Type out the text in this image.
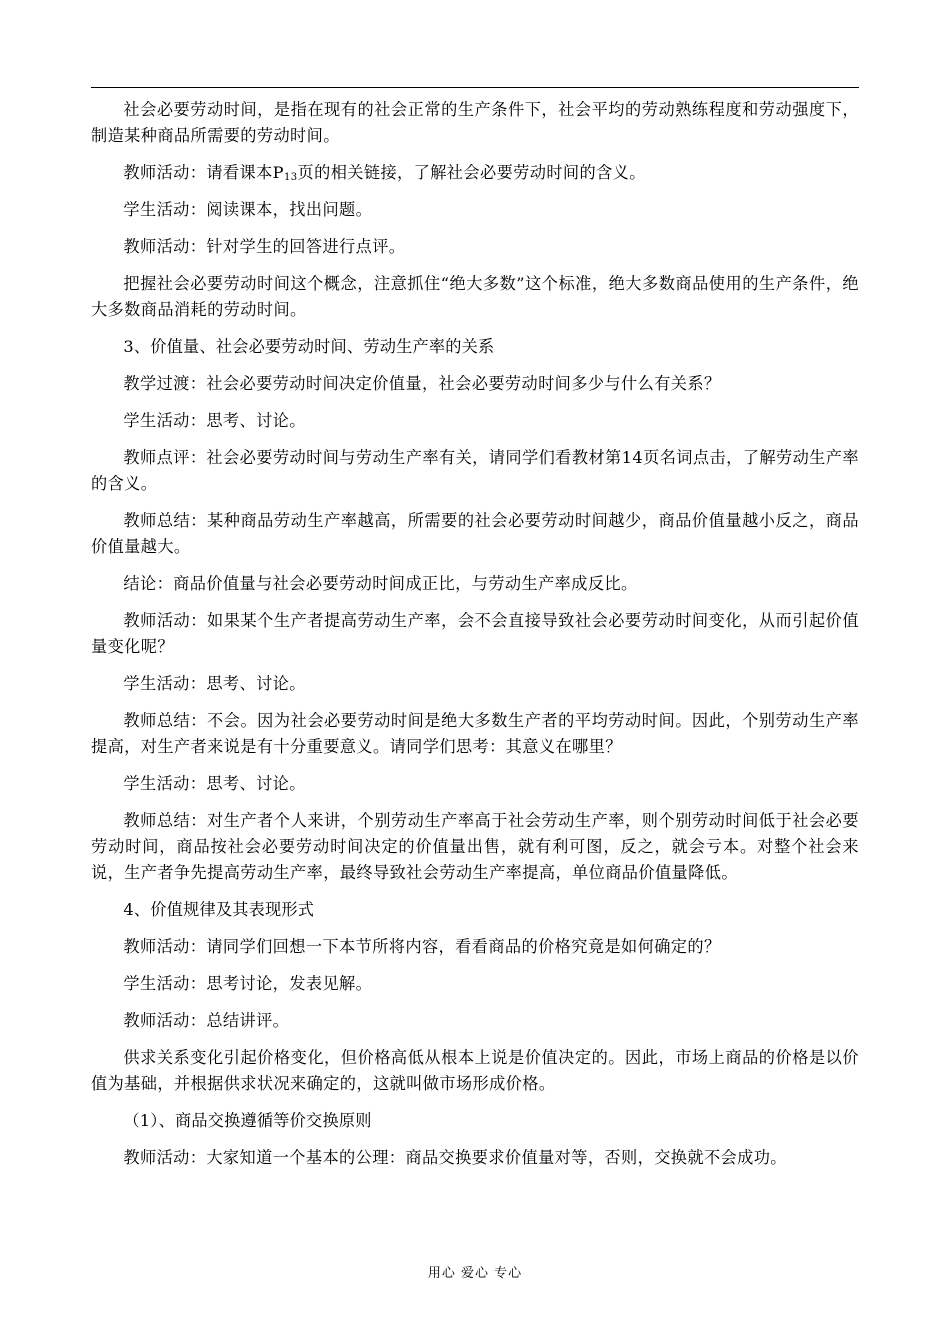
社会必要劳动时间，是指在现有的社会正常的生产条件下，社会平均的劳动熟练程度和劳动强度下，制造某种商品所需要的劳动时间。

教师活动：请看课本$P_{13}$页的相关链接，了解社会必要劳动时间的含义。

学生活动：阅读课本，找出问题。

教师活动：针对学生的回答进行点评。

把握社会必要劳动时间这个概念，注意抓住“绝大多数”这个标准，绝大多数商品使用的生产条件，绝大多数商品消耗的劳动时间。

3、价值量、社会必要劳动时间、劳动生产率的关系

教学过渡：社会必要劳动时间决定价值量，社会必要劳动时间多少与什么有关系？

学生活动：思考、讨论。

教师点评：社会必要劳动时间与劳动生产率有关，请同学们看教材第14页名词点击，了解劳动生产率的含义。

教师总结：某种商品劳动生产率越高，所需要的社会必要劳动时间越少，商品价值量越小反之，商品价值量越大。

结论：商品价值量与社会必要劳动时间成正比，与劳动生产率成反比。

教师活动：如果某个生产者提高劳动生产率，会不会直接导致社会必要劳动时间变化，从而引起价值量变化呢？

学生活动：思考、讨论。

教师总结：不会。因为社会必要劳动时间是绝大多数生产者的平均劳动时间。因此，个别劳动生产率提高，对生产者来说是有十分重要意义。请同学们思考：其意义在哪里？

学生活动：思考、讨论。

教师总结：对生产者个人来讲，个别劳动生产率高于社会劳动生产率，则个别劳动时间低于社会必要劳动时间，商品按社会必要劳动时间决定的价值量出售，就有利可图，反之，就会亏本。对整个社会来说，生产者争先提高劳动生产率，最终导致社会劳动生产率提高，单位商品价值量降低。

4、价值规律及其表现形式

教师活动：请同学们回想一下本节所将内容，看看商品的价格究竟是如何确定的？

学生活动：思考讨论，发表见解。

教师活动：总结讲评。

供求关系变化引起价格变化，但价格高低从根本上说是价值决定的。因此，市场上商品的价格是以价值为基础，并根据供求状况来确定的，这就叫做市场形成价格。

（1）、商品交换遵循等价交换原则

教师活动：大家知道一个基本的公理：商品交换要求价值量对等，否则，交换就不会成功。

用心 爱心 专心
